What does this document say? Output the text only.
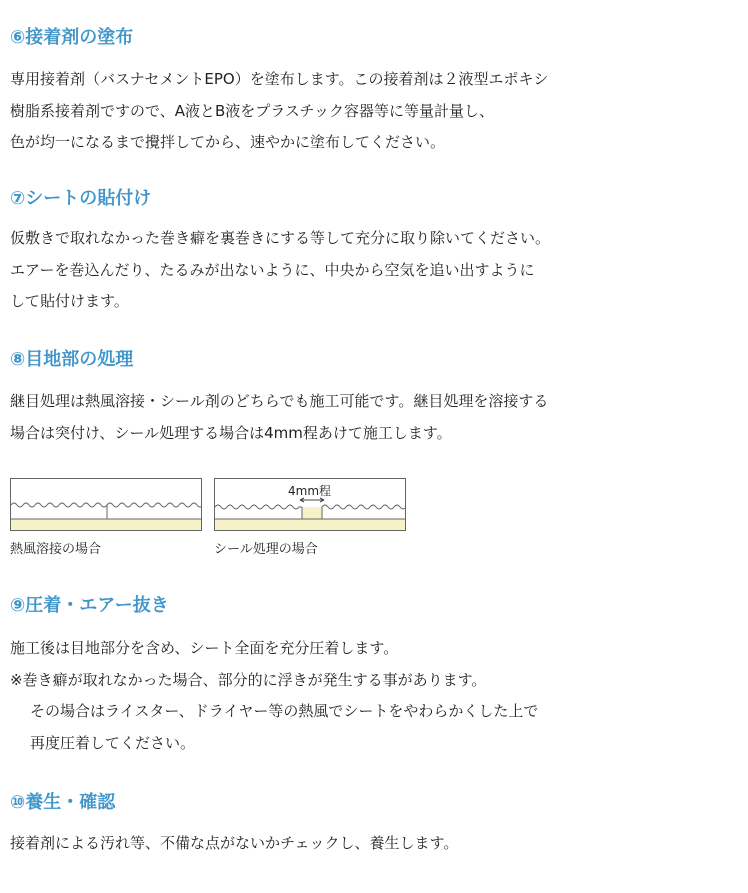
⑥接着剤の塗布
専用接着剤（バスナセメントEPO）を塗布します。この接着剤は２液型エポキシ
樹脂系接着剤ですので、A液とB液をプラスチック容器等に等量計量し、
色が均一になるまで攪拌してから、速やかに塗布してください。
⑦シートの貼付け
仮敷きで取れなかった巻き癖を裏巻きにする等して充分に取り除いてください。
エアーを巻込んだり、たるみが出ないように、中央から空気を追い出すように
して貼付けます。
⑧目地部の処理
継目処理は熱風溶接・シール剤のどちらでも施工可能です。継目処理を溶接する
場合は突付け、シール処理する場合は4mm程あけて施工します。
4mm程
熱風溶接の場合	シール処理の場合
⑨圧着・エアー抜き
施工後は目地部分を含め、シート全面を充分圧着します。
※巻き癖が取れなかった場合、部分的に浮きが発生する事があります。
その場合はライスター、ドライヤー等の熱風でシートをやわらかくした上で
再度圧着してください。
⑩養生・確認
接着剤による汚れ等、不備な点がないかチェックし、養生します。
